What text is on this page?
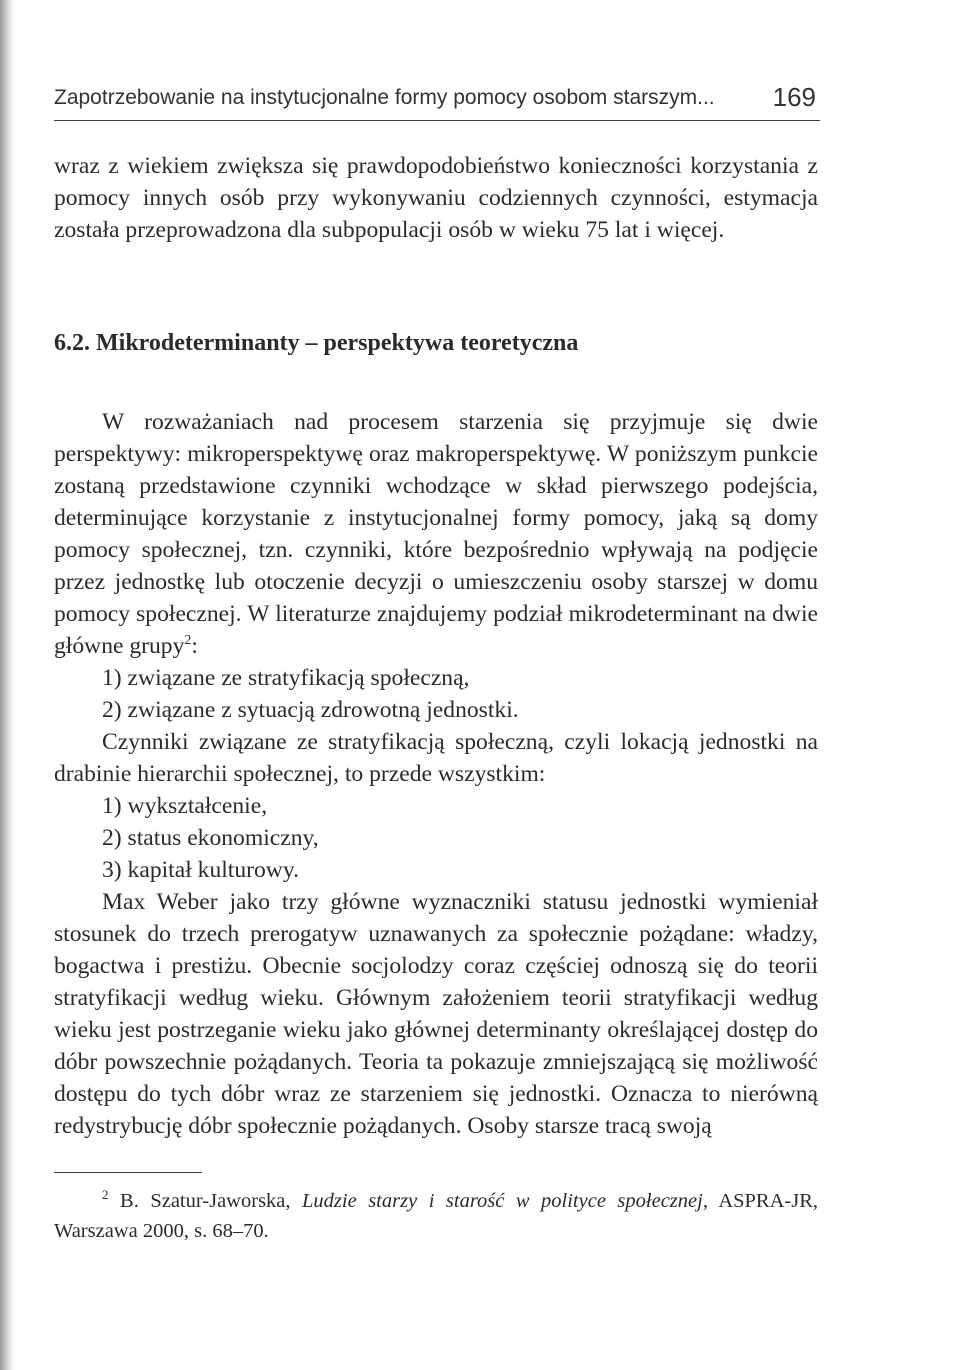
Zapotrzebowanie na instytucjonalne formy pomocy osobom starszym... 169

wraz z wiekiem zwiększa się prawdopodobieństwo konieczności korzystania z pomocy innych osób przy wykonywaniu codziennych czynności, estymacja została przeprowadzona dla subpopulacji osób w wieku 75 lat i więcej.

6.2. Mikrodeterminanty – perspektywa teoretyczna

W rozważaniach nad procesem starzenia się przyjmuje się dwie perspektywy: mikroperspektywę oraz makroperspektywę. W poniższym punkcie zostaną przedstawione czynniki wchodzące w skład pierwszego podejścia, determinujące korzystanie z instytucjonalnej formy pomocy, jaką są domy pomocy społecznej, tzn. czynniki, które bezpośrednio wpływają na podjęcie przez jednostkę lub otoczenie decyzji o umieszczeniu osoby starszej w domu pomocy społecznej. W literaturze znajdujemy podział mikrodeterminant na dwie główne grupy$^2$:

1) związane ze stratyfikacją społeczną,
2) związane z sytuacją zdrowotną jednostki.

Czynniki związane ze stratyfikacją społeczną, czyli lokacją jednostki na drabinie hierarchii społecznej, to przede wszystkim:

1) wykształcenie,
2) status ekonomiczny,
3) kapitał kulturowy.

Max Weber jako trzy główne wyznaczniki statusu jednostki wymieniał stosunek do trzech prerogatyw uznawanych za społecznie pożądane: władzy, bogactwa i prestiżu. Obecnie socjolodzy coraz częściej odnoszą się do teorii stratyfikacji według wieku. Głównym założeniem teorii stratyfikacji według wieku jest postrzeganie wieku jako głównej determinanty określającej dostęp do dóbr powszechnie pożądanych. Teoria ta pokazuje zmniejszającą się możliwość dostępu do tych dóbr wraz ze starzeniem się jednostki. Oznacza to nierówną redystrybucję dóbr społecznie pożądanych. Osoby starsze tracą swoją

$^2$ B. Szatur-Jaworska, Ludzie starzy i starość w polityce społecznej, ASPRA-JR, Warszawa 2000, s. 68–70.
